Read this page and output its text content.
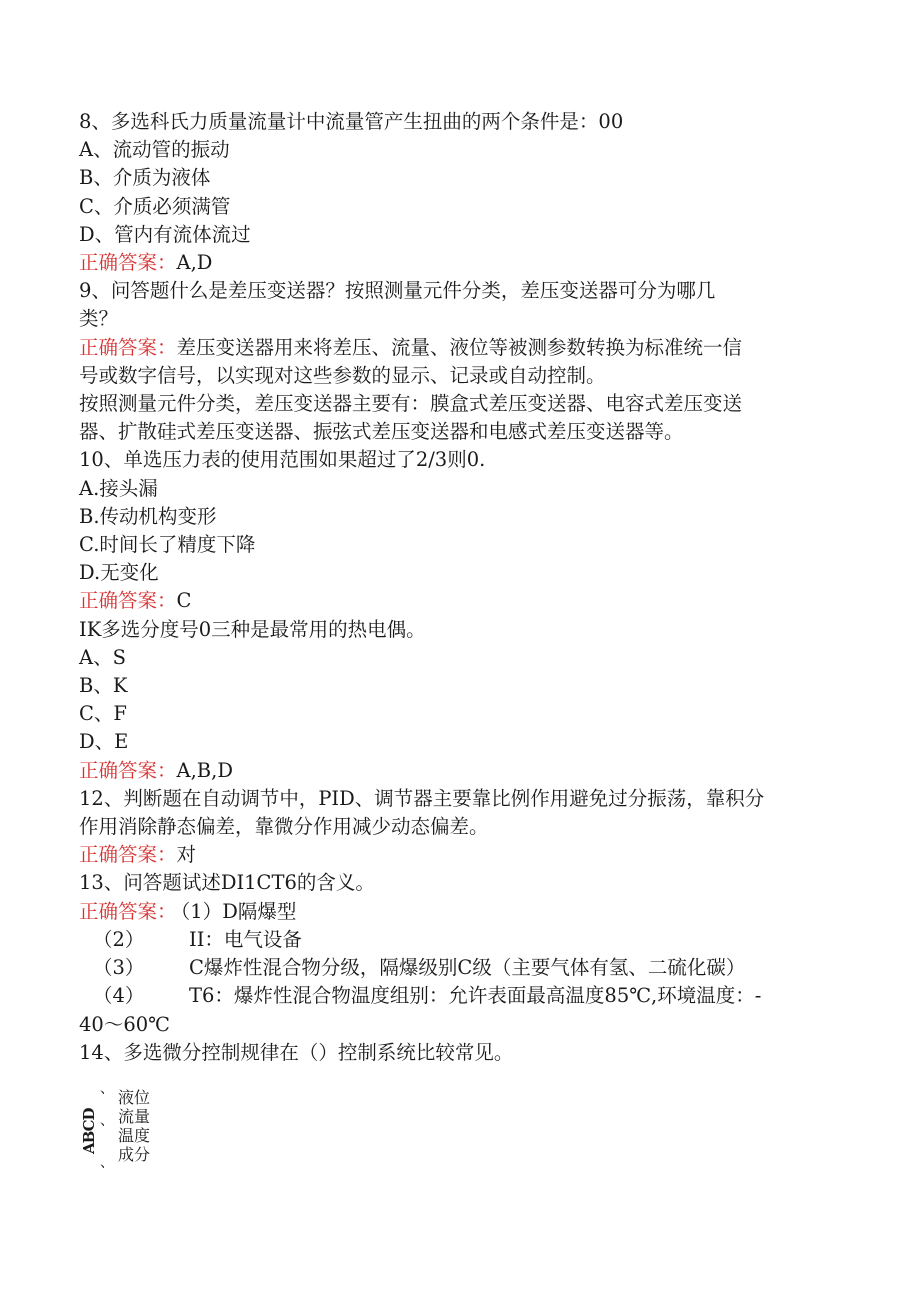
8、多选科氏力质量流量计中流量管产生扭曲的两个条件是：00
A、流动管的振动
B、介质为液体
C、介质必须满管
D、管内有流体流过
正确答案：A,D
9、问答题什么是差压变送器？按照测量元件分类，差压变送器可分为哪几
类？
正确答案：差压变送器用来将差压、流量、液位等被测参数转换为标准统一信
号或数字信号，以实现对这些参数的显示、记录或自动控制。
按照测量元件分类，差压变送器主要有：膜盒式差压变送器、电容式差压变送
器、扩散硅式差压变送器、振弦式差压变送器和电感式差压变送器等。
10、单选压力表的使用范围如果超过了2/3则0.
A.接头漏
B.传动机构变形
C.时间长了精度下降
D.无变化
正确答案：C
IK多选分度号0三种是最常用的热电偶。
A、S
B、K
C、F
D、E
正确答案：A,B,D
12、判断题在自动调节中，PID、调节器主要靠比例作用避免过分振荡，靠积分
作用消除静态偏差，靠微分作用减少动态偏差。
正确答案：对
13、问答题试述DI1CT6的含义。
正确答案： （1）D隔爆型
（2） II：电气设备
（3） C爆炸性混合物分级，隔爆级别C级（主要气体有氢、二硫化碳）
（4） T6：爆炸性混合物温度组别：允许表面最高温度85℃,环境温度：-
40～60℃
14、多选微分控制规律在（）控制系统比较常见。
、
ABCD 、
、
液位
流量
温度
成分
